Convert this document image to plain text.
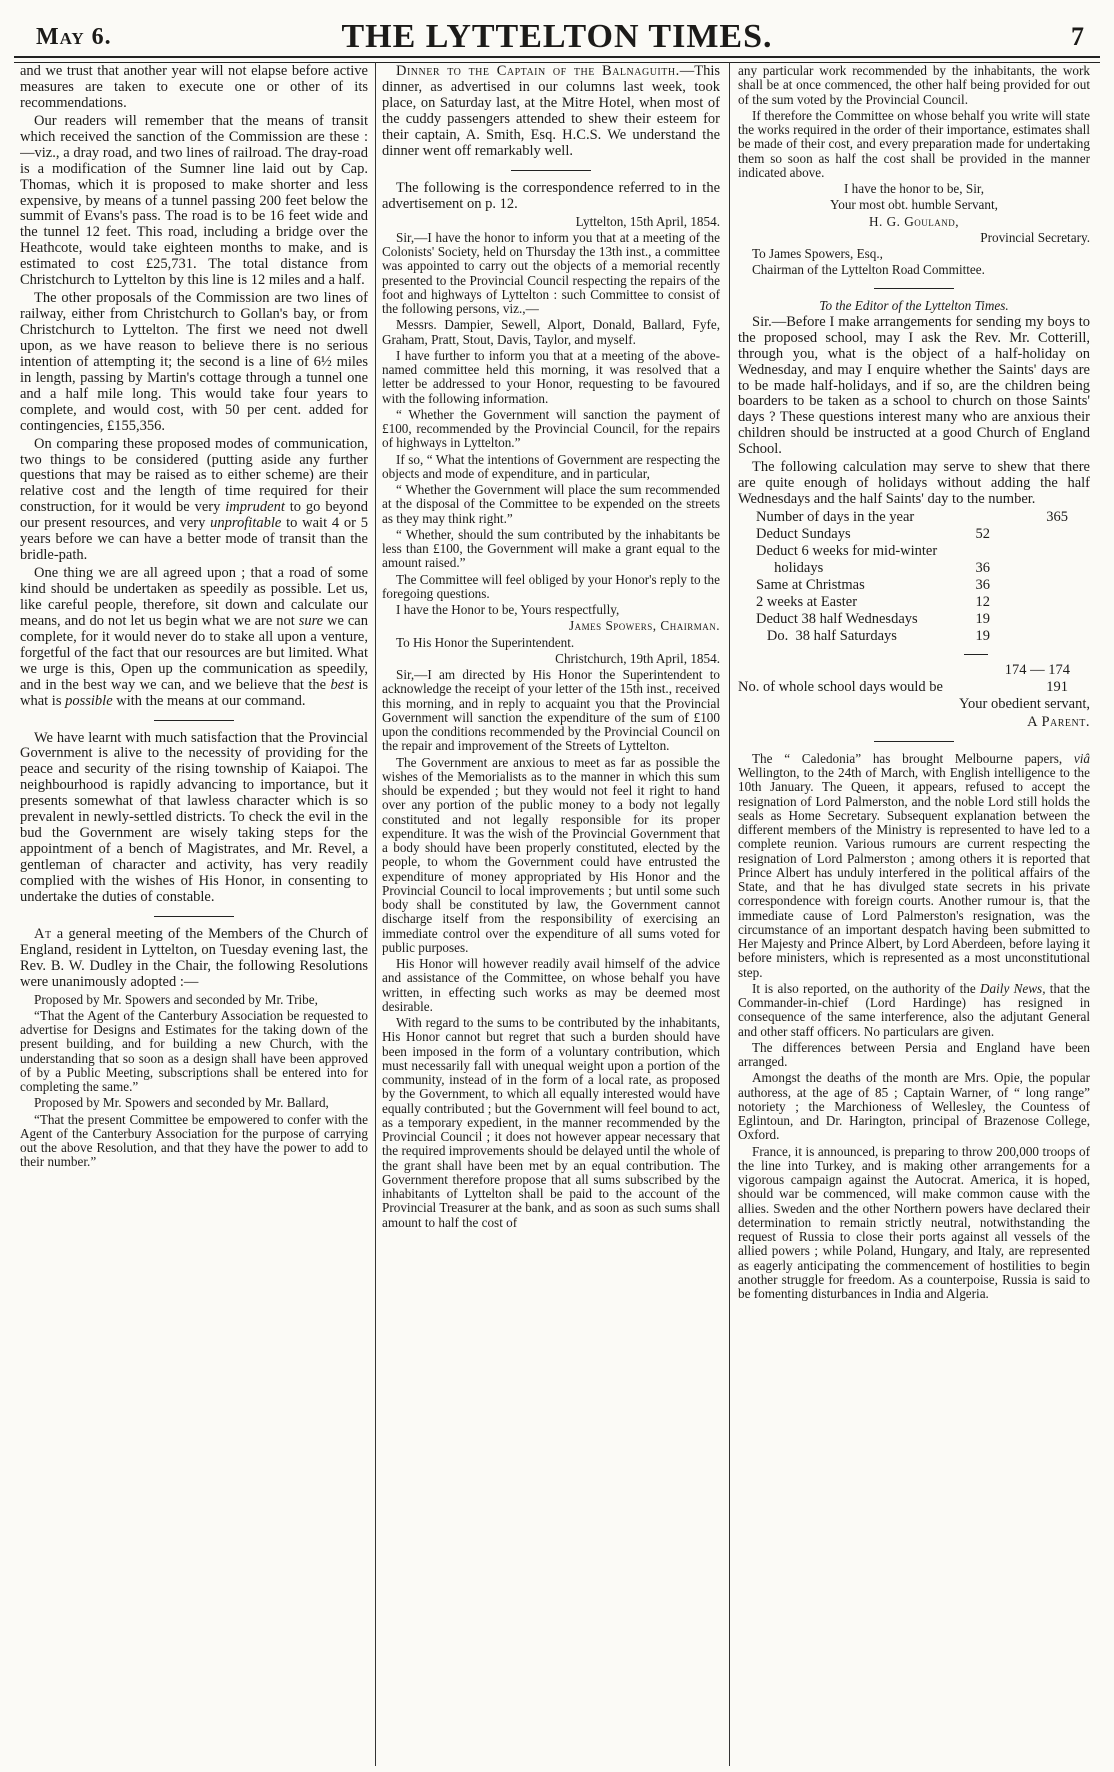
May 6.	THE LYTTELTON TIMES.	7

and we trust that another year will not elapse before active measures are taken to execute one or other of its recommendations.

Our readers will remember that the means of transit which received the sanction of the Commission are these :—viz., a dray road, and two lines of railroad. The dray-road is a modification of the Sumner line laid out by Cap. Thomas, which it is proposed to make shorter and less expensive, by means of a tunnel passing 200 feet below the summit of Evans's pass. The road is to be 16 feet wide and the tunnel 12 feet. This road, including a bridge over the Heathcote, would take eighteen months to make, and is estimated to cost £25,731. The total distance from Christchurch to Lyttelton by this line is 12 miles and a half.

The other proposals of the Commission are two lines of railway, either from Christchurch to Gollan's bay, or from Christchurch to Lyttelton. The first we need not dwell upon, as we have reason to believe there is no serious intention of attempting it; the second is a line of 6½ miles in length, passing by Martin's cottage through a tunnel one and a half mile long. This would take four years to complete, and would cost, with 50 per cent. added for contingencies, £155,356.

On comparing these proposed modes of communication, two things to be considered (putting aside any further questions that may be raised as to either scheme) are their relative cost and the length of time required for their construction, for it would be very imprudent to go beyond our present resources, and very unprofitable to wait 4 or 5 years before we can have a better mode of transit than the bridle-path.

One thing we are all agreed upon ; that a road of some kind should be undertaken as speedily as possible. Let us, like careful people, therefore, sit down and calculate our means, and do not let us begin what we are not sure we can complete, for it would never do to stake all upon a venture, forgetful of the fact that our resources are but limited. What we urge is this, Open up the communication as speedily, and in the best way we can, and we believe that the best is what is possible with the means at our command.

We have learnt with much satisfaction that the Provincial Government is alive to the necessity of providing for the peace and security of the rising township of Kaiapoi. The neighbourhood is rapidly advancing to importance, but it presents somewhat of that lawless character which is so prevalent in newly-settled districts. To check the evil in the bud the Government are wisely taking steps for the appointment of a bench of Magistrates, and Mr. Revel, a gentleman of character and activity, has very readily complied with the wishes of His Honor, in consenting to undertake the duties of constable.

At a general meeting of the Members of the Church of England, resident in Lyttelton, on Tuesday evening last, the Rev. B. W. Dudley in the Chair, the following Resolutions were unanimously adopted :—

Proposed by Mr. Spowers and seconded by Mr. Tribe,

“That the Agent of the Canterbury Association be requested to advertise for Designs and Estimates for the taking down of the present building, and for building a new Church, with the understanding that so soon as a design shall have been approved of by a Public Meeting, subscriptions shall be entered into for completing the same.”

Proposed by Mr. Spowers and seconded by Mr. Ballard,

“That the present Committee be empowered to confer with the Agent of the Canterbury Association for the purpose of carrying out the above Resolution, and that they have the power to add to their number.”

Dinner to the Captain of the Balnaguith.—This dinner, as advertised in our columns last week, took place, on Saturday last, at the Mitre Hotel, when most of the cuddy passengers attended to shew their esteem for their captain, A. Smith, Esq. H.C.S. We understand the dinner went off remarkably well.

The following is the correspondence referred to in the advertisement on p. 12.

Lyttelton, 15th April, 1854.

Sir,—I have the honor to inform you that at a meeting of the Colonists' Society, held on Thursday the 13th inst., a committee was appointed to carry out the objects of a memorial recently presented to the Provincial Council respecting the repairs of the foot and highways of Lyttelton : such Committee to consist of the following persons, viz.,—

Messrs. Dampier, Sewell, Alport, Donald, Ballard, Fyfe, Graham, Pratt, Stout, Davis, Taylor, and myself.

I have further to inform you that at a meeting of the above-named committee held this morning, it was resolved that a letter be addressed to your Honor, requesting to be favoured with the following information.

“ Whether the Government will sanction the payment of £100, recommended by the Provincial Council, for the repairs of highways in Lyttelton.”

If so, “ What the intentions of Government are respecting the objects and mode of expenditure, and in particular,

“ Whether the Government will place the sum recommended at the disposal of the Committee to be expended on the streets as they may think right.”

“ Whether, should the sum contributed by the inhabitants be less than £100, the Government will make a grant equal to the amount raised.”

The Committee will feel obliged by your Honor's reply to the foregoing questions.

I have the Honor to be, Yours respectfully,

James Spowers, Chairman.

To His Honor the Superintendent.

Christchurch, 19th April, 1854.

Sir,—I am directed by His Honor the Superintendent to acknowledge the receipt of your letter of the 15th inst., received this morning, and in reply to acquaint you that the Provincial Government will sanction the expenditure of the sum of £100 upon the conditions recommended by the Provincial Council on the repair and improvement of the Streets of Lyttelton.

The Government are anxious to meet as far as possible the wishes of the Memorialists as to the manner in which this sum should be expended ; but they would not feel it right to hand over any portion of the public money to a body not legally constituted and not legally responsible for its proper expenditure. It was the wish of the Provincial Government that a body should have been properly constituted, elected by the people, to whom the Government could have entrusted the expenditure of money appropriated by His Honor and the Provincial Council to local improvements ; but until some such body shall be constituted by law, the Government cannot discharge itself from the responsibility of exercising an immediate control over the expenditure of all sums voted for public purposes.

His Honor will however readily avail himself of the advice and assistance of the Committee, on whose behalf you have written, in effecting such works as may be deemed most desirable.

With regard to the sums to be contributed by the inhabitants, His Honor cannot but regret that such a burden should have been imposed in the form of a voluntary contribution, which must necessarily fall with unequal weight upon a portion of the community, instead of in the form of a local rate, as proposed by the Government, to which all equally interested would have equally contributed ; but the Government will feel bound to act, as a temporary expedient, in the manner recommended by the Provincial Council ; it does not however appear necessary that the required improvements should be delayed until the whole of the grant shall have been met by an equal contribution. The Government therefore propose that all sums subscribed by the inhabitants of Lyttelton shall be paid to the account of the Provincial Treasurer at the bank, and as soon as such sums shall amount to half the cost of

any particular work recommended by the inhabitants, the work shall be at once commenced, the other half being provided for out of the sum voted by the Provincial Council.

If therefore the Committee on whose behalf you write will state the works required in the order of their importance, estimates shall be made of their cost, and every preparation made for undertaking them so soon as half the cost shall be provided in the manner indicated above.

I have the honor to be, Sir,

Your most obt. humble Servant,

H. G. Gouland,

Provincial Secretary.

To James Spowers, Esq.,

Chairman of the Lyttelton Road Committee.

To the Editor of the Lyttelton Times.

Sir.—Before I make arrangements for sending my boys to the proposed school, may I ask the Rev. Mr. Cotterill, through you, what is the object of a half-holiday on Wednesday, and may I enquire whether the Saints' days are to be made half-holidays, and if so, are the children being boarders to be taken as a school to church on those Saints' days ? These questions interest many who are anxious their children should be instructed at a good Church of England School.

The following calculation may serve to shew that there are quite enough of holidays without adding the half Wednesdays and the half Saints' day to the number.

Number of days in the year	365
Deduct Sundays	52
Deduct 6 weeks for mid-winter
holidays	36
Same at Christmas	36
2 weeks at Easter	12
Deduct 38 half Wednesdays	19
Do.  38 half Saturdays	19
174 — 174
No. of whole school days would be	191

Your obedient servant,

A Parent.

The “ Caledonia” has brought Melbourne papers, viâ Wellington, to the 24th of March, with English intelligence to the 10th January. The Queen, it appears, refused to accept the resignation of Lord Palmerston, and the noble Lord still holds the seals as Home Secretary. Subsequent explanation between the different members of the Ministry is represented to have led to a complete reunion. Various rumours are current respecting the resignation of Lord Palmerston ; among others it is reported that Prince Albert has unduly interfered in the political affairs of the State, and that he has divulged state secrets in his private correspondence with foreign courts. Another rumour is, that the immediate cause of Lord Palmerston's resignation, was the circumstance of an important despatch having been submitted to Her Majesty and Prince Albert, by Lord Aberdeen, before laying it before ministers, which is represented as a most unconstitutional step.

It is also reported, on the authority of the Daily News, that the Commander-in-chief (Lord Hardinge) has resigned in consequence of the same interference, also the adjutant General and other staff officers. No particulars are given.

The differences between Persia and England have been arranged.

Amongst the deaths of the month are Mrs. Opie, the popular authoress, at the age of 85 ; Captain Warner, of “ long range” notoriety ; the Marchioness of Wellesley, the Countess of Eglintoun, and Dr. Harington, principal of Brazenose College, Oxford.

France, it is announced, is preparing to throw 200,000 troops of the line into Turkey, and is making other arrangements for a vigorous campaign against the Autocrat. America, it is hoped, should war be commenced, will make common cause with the allies. Sweden and the other Northern powers have declared their determination to remain strictly neutral, notwithstanding the request of Russia to close their ports against all vessels of the allied powers ; while Poland, Hungary, and Italy, are represented as eagerly anticipating the commencement of hostilities to begin another struggle for freedom. As a counterpoise, Russia is said to be fomenting disturbances in India and Algeria.
